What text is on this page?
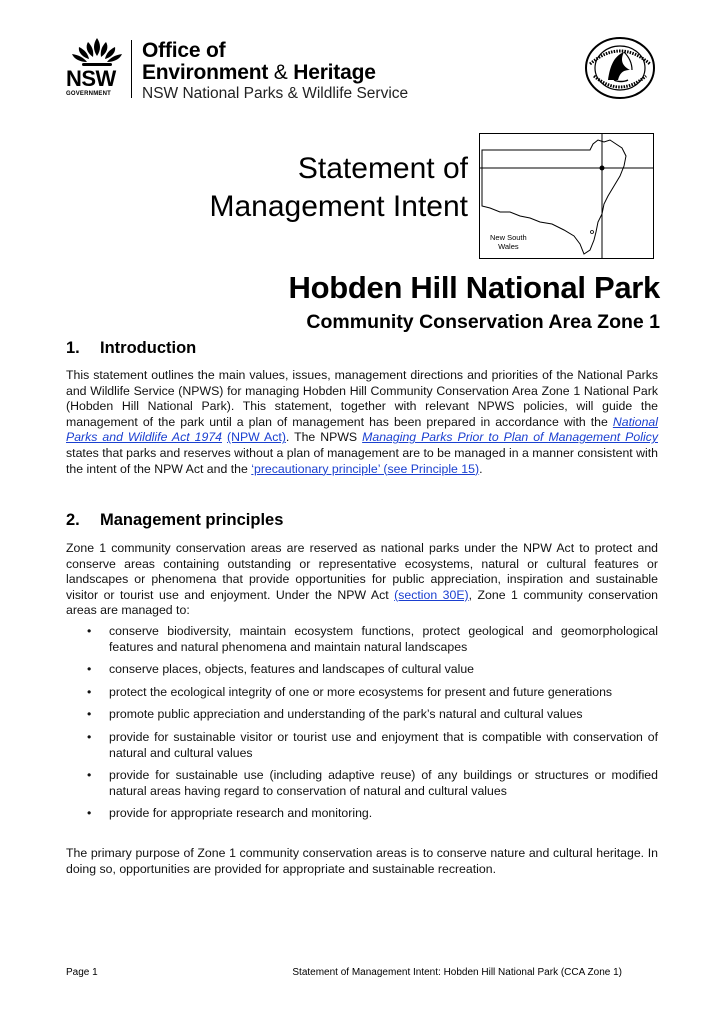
NSW
GOVERNMENT
Office of
Environment & Heritage
NSW National Parks & Wildlife Service
Statement of
Management Intent
New South
Wales
Hobden Hill National Park
Community Conservation Area Zone 1
1. Introduction
This statement outlines the main values, issues, management directions and priorities of the National Parks and Wildlife Service (NPWS) for managing Hobden Hill Community Conservation Area Zone 1 National Park (Hobden Hill National Park). This statement, together with relevant NPWS policies, will guide the management of the park until a plan of management has been prepared in accordance with the National Parks and Wildlife Act 1974 (NPW Act). The NPWS Managing Parks Prior to Plan of Management Policy states that parks and reserves without a plan of management are to be managed in a manner consistent with the intent of the NPW Act and the ‘precautionary principle’ (see Principle 15).
2. Management principles
Zone 1 community conservation areas are reserved as national parks under the NPW Act to protect and conserve areas containing outstanding or representative ecosystems, natural or cultural features or landscapes or phenomena that provide opportunities for public appreciation, inspiration and sustainable visitor or tourist use and enjoyment. Under the NPW Act (section 30E), Zone 1 community conservation areas are managed to:
• conserve biodiversity, maintain ecosystem functions, protect geological and geomorphological features and natural phenomena and maintain natural landscapes
• conserve places, objects, features and landscapes of cultural value
• protect the ecological integrity of one or more ecosystems for present and future generations
• promote public appreciation and understanding of the park’s natural and cultural values
• provide for sustainable visitor or tourist use and enjoyment that is compatible with conservation of natural and cultural values
• provide for sustainable use (including adaptive reuse) of any buildings or structures or modified natural areas having regard to conservation of natural and cultural values
• provide for appropriate research and monitoring.
The primary purpose of Zone 1 community conservation areas is to conserve nature and cultural heritage. In doing so, opportunities are provided for appropriate and sustainable recreation.
Page 1	Statement of Management Intent: Hobden Hill National Park (CCA Zone 1)
